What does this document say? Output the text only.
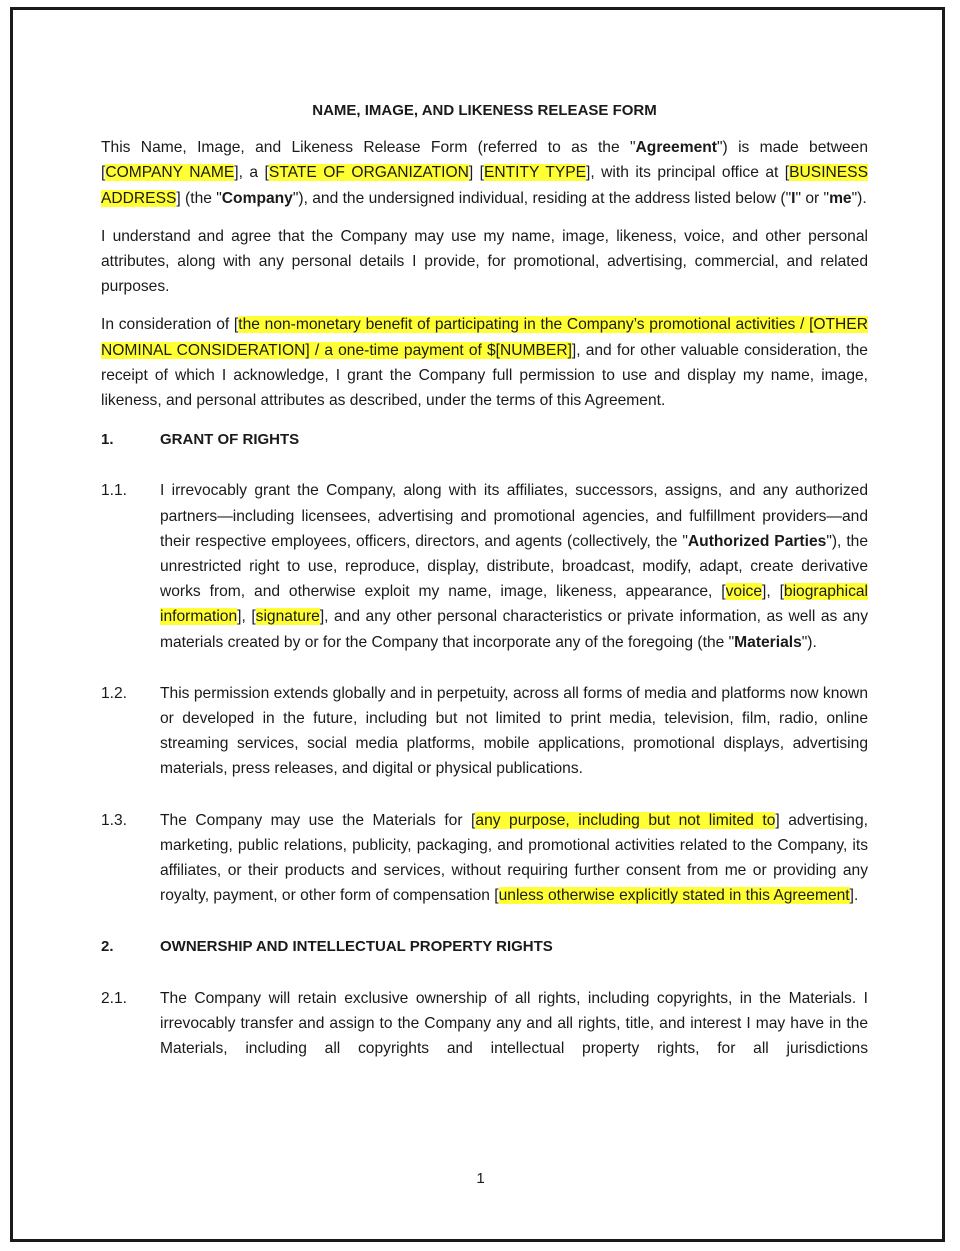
NAME, IMAGE, AND LIKENESS RELEASE FORM

This Name, Image, and Likeness Release Form (referred to as the "Agreement") is made between [COMPANY NAME], a [STATE OF ORGANIZATION] [ENTITY TYPE], with its principal office at [BUSINESS ADDRESS] (the "Company"), and the undersigned individual, residing at the address listed below ("I" or "me").

I understand and agree that the Company may use my name, image, likeness, voice, and other personal attributes, along with any personal details I provide, for promotional, advertising, commercial, and related purposes.

In consideration of [the non-monetary benefit of participating in the Company’s promotional activities / [OTHER NOMINAL CONSIDERATION] / a one-time payment of $[NUMBER]], and for other valuable consideration, the receipt of which I acknowledge, I grant the Company full permission to use and display my name, image, likeness, and personal attributes as described, under the terms of this Agreement.

1.	GRANT OF RIGHTS
1.1.	I irrevocably grant the Company, along with its affiliates, successors, assigns, and any authorized partners—including licensees, advertising and promotional agencies, and fulfillment providers—and their respective employees, officers, directors, and agents (collectively, the "Authorized Parties"), the unrestricted right to use, reproduce, display, distribute, broadcast, modify, adapt, create derivative works from, and otherwise exploit my name, image, likeness, appearance, [voice], [biographical information], [signature], and any other personal characteristics or private information, as well as any materials created by or for the Company that incorporate any of the foregoing (the "Materials").
1.2.	This permission extends globally and in perpetuity, across all forms of media and platforms now known or developed in the future, including but not limited to print media, television, film, radio, online streaming services, social media platforms, mobile applications, promotional displays, advertising materials, press releases, and digital or physical publications.
1.3.	The Company may use the Materials for [any purpose, including but not limited to] advertising, marketing, public relations, publicity, packaging, and promotional activities related to the Company, its affiliates, or their products and services, without requiring further consent from me or providing any royalty, payment, or other form of compensation [unless otherwise explicitly stated in this Agreement].
2.	OWNERSHIP AND INTELLECTUAL PROPERTY RIGHTS
2.1.	The Company will retain exclusive ownership of all rights, including copyrights, in the Materials. I irrevocably transfer and assign to the Company any and all rights, title, and interest I may have in the Materials, including all copyrights and intellectual property rights, for all jurisdictions
1
